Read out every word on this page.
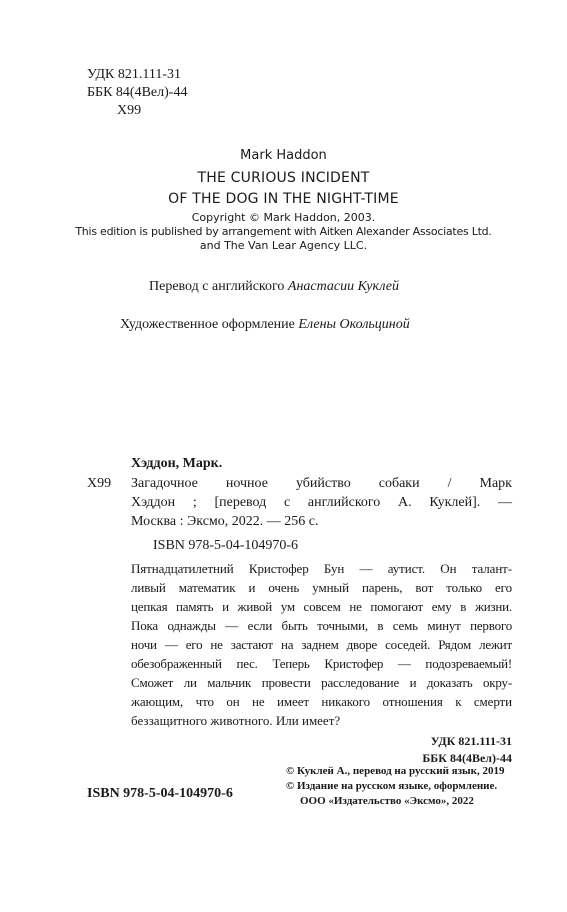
УДК 821.111-31
ББК 84(4Вел)-44
Х99
Mark Haddon
THE CURIOUS INCIDENT
OF THE DOG IN THE NIGHT-TIME
Copyright © Mark Haddon, 2003.
This edition is published by arrangement with Aitken Alexander Associates Ltd.
and The Van Lear Agency LLC.
Перевод с английского Анастасии Куклей
Художественное оформление Елены Окольциной
Хэддон, Марк.
Х99 Загадочное ночное убийство собаки / Марк
Хэддон ; [перевод с английского А. Куклей]. —
Москва : Эксмо, 2022. — 256 с.
ISBN 978-5-04-104970-6
Пятнадцатилетний Кристофер Бун — аутист. Он талант-
ливый математик и очень умный парень, вот только его
цепкая память и живой ум совсем не помогают ему в жизни.
Пока однажды — если быть точными, в семь минут первого
ночи — его не застают на заднем дворе соседей. Рядом лежит
обезображенный пес. Теперь Кристофер — подозреваемый!
Сможет ли мальчик провести расследование и доказать окру-
жающим, что он не имеет никакого отношения к смерти
беззащитного животного. Или имеет?
УДК 821.111-31
ББК 84(4Вел)-44
ISBN 978-5-04-104970-6
© Куклей А., перевод на русский язык, 2019
© Издание на русском языке, оформление.
ООО «Издательство «Эксмо», 2022
